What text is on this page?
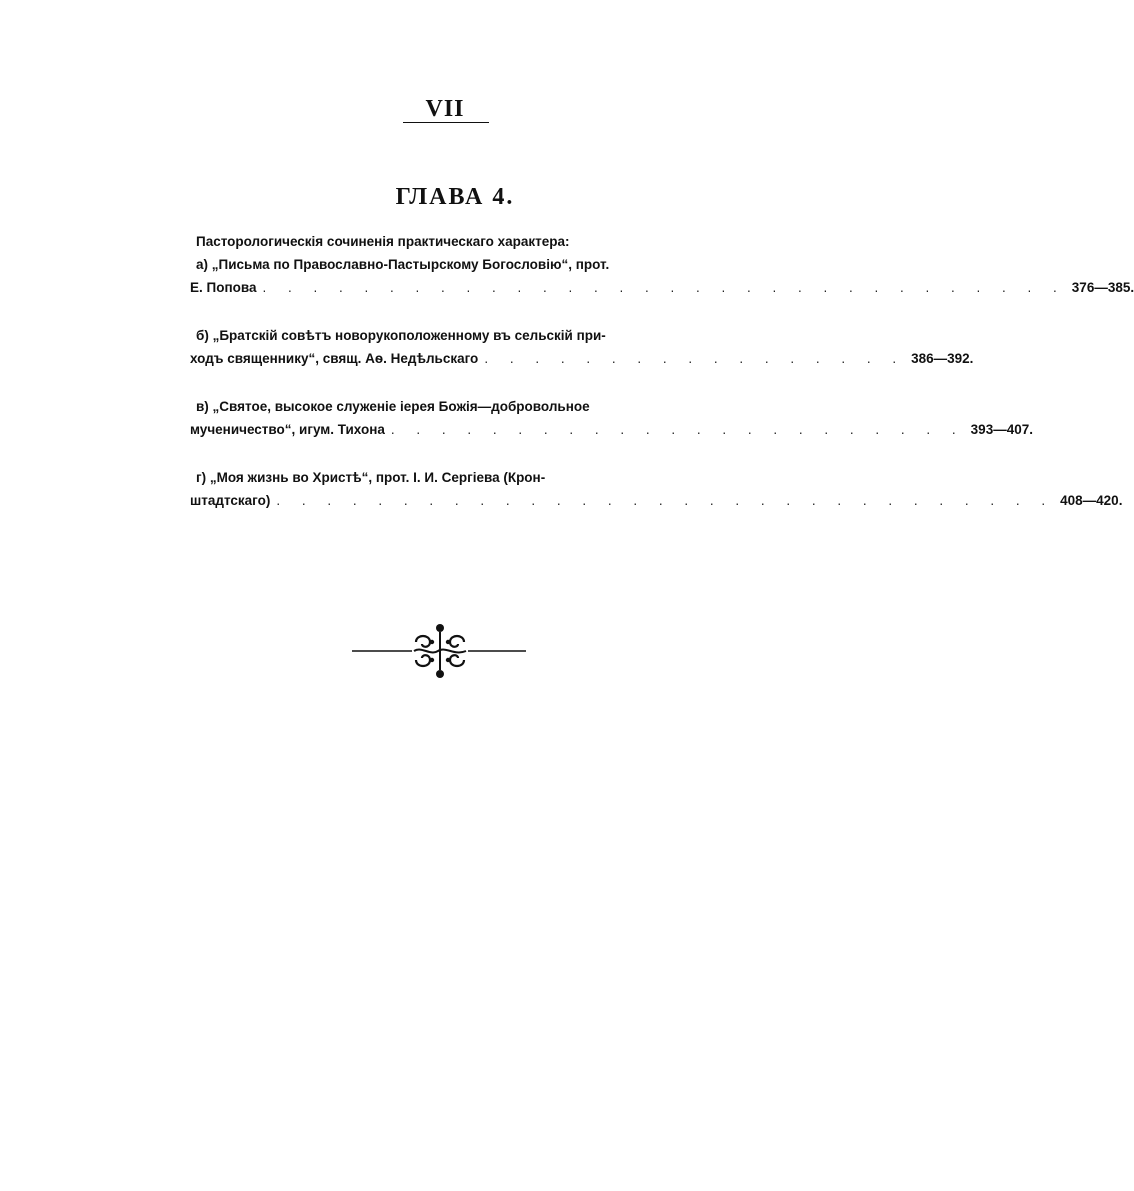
VII
ГЛАВА 4.
Пасторологическія сочиненія практическаго характера:
а) „Письма по Православно-Пастырскому Богословію“, прот.
Е. Попова . . . . . . . . . . . . . . . . . . . . . . . . . . . . . . . . 376—385.
б) „Братскій совѣтъ новорукоположенному въ сельскій при-
ходъ священнику“, свящ. Аѳ. Недѣльскаго . . . . . . . . . . . . . . . . . 386—392.
в) „Святое, высокое служеніе іерея Божія—добровольное
мученичество“, игум. Тихона . . . . . . . . . . . . . . . . . . . . . . . 393—407.
г) „Моя жизнь во Христѣ“, прот. І. И. Сергіева (Крон-
штадтскаго) . . . . . . . . . . . . . . . . . . . . . . . . . . . . . . . 408—420.
